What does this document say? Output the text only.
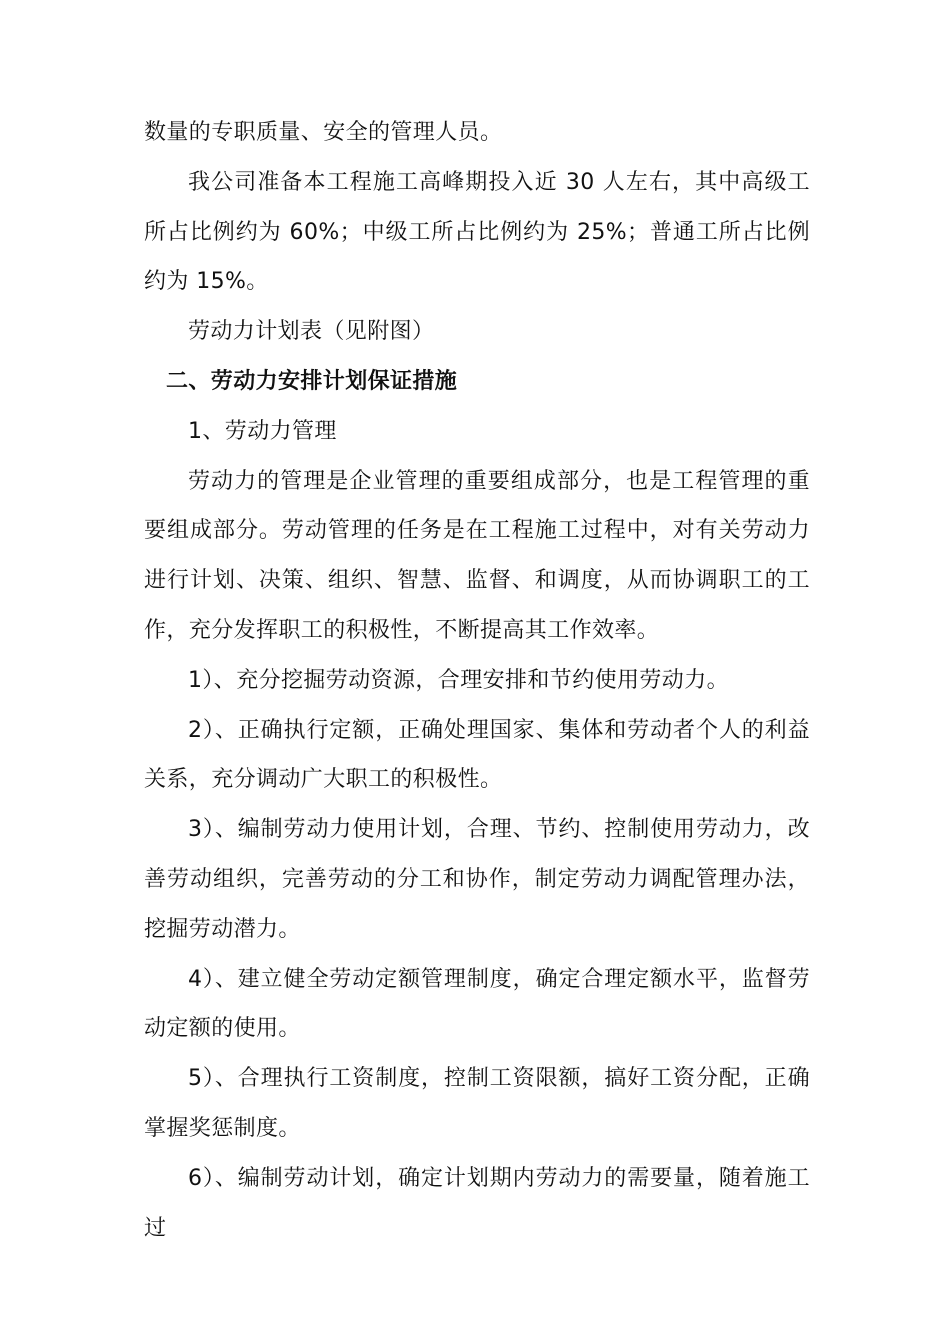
数量的专职质量、安全的管理人员。

我公司准备本工程施工高峰期投入近 30 人左右，其中高级工所占比例约为 60%；中级工所占比例约为 25%；普通工所占比例约为 15%。

劳动力计划表（见附图）

二、劳动力安排计划保证措施

1、劳动力管理

劳动力的管理是企业管理的重要组成部分，也是工程管理的重要组成部分。劳动管理的任务是在工程施工过程中，对有关劳动力进行计划、决策、组织、智慧、监督、和调度，从而协调职工的工作，充分发挥职工的积极性，不断提高其工作效率。

1）、充分挖掘劳动资源，合理安排和节约使用劳动力。

2）、正确执行定额，正确处理国家、集体和劳动者个人的利益关系，充分调动广大职工的积极性。

3）、编制劳动力使用计划，合理、节约、控制使用劳动力，改善劳动组织，完善劳动的分工和协作，制定劳动力调配管理办法，挖掘劳动潜力。

4）、建立健全劳动定额管理制度，确定合理定额水平，监督劳动定额的使用。

5）、合理执行工资制度，控制工资限额，搞好工资分配，正确掌握奖惩制度。

6）、编制劳动计划，确定计划期内劳动力的需要量，随着施工过
